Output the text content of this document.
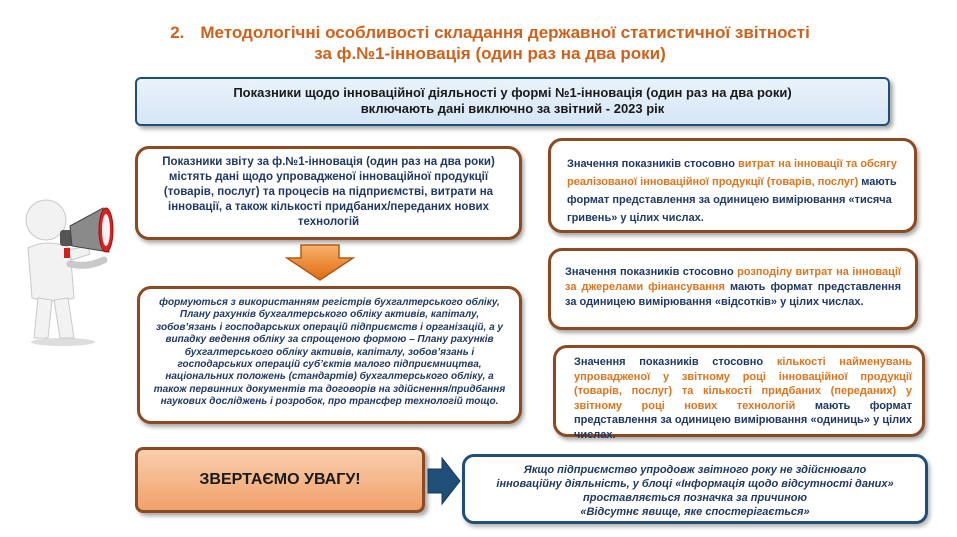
2. Методологічні особливості складання державної статистичної звітності
за ф.№1-інновація (один раз на два роки)
Показники щодо інноваційної діяльності у формі №1-інновація (один раз на два роки)
включають дані виключно за звітний - 2023 рік
Показники звіту за ф.№1-інновація (один раз на два роки) містять дані щодо упровадженої інноваційної продукції (товарів, послуг) та процесів на підприємстві, витрати на інновації, а також кількості придбаних/переданих нових технологій
формуються з використанням регістрів бухгалтерського обліку, Плану рахунків бухгалтерського обліку активів, капіталу, зобов’язань і господарських операцій підприємств і організацій, а у випадку ведення обліку за спрощеною формою – Плану рахунків бухгалтерського обліку активів, капіталу, зобов’язань і господарських операцій суб’єктів малого підприємництва, національних положень (стандартів) бухгалтерського обліку, а також первинних документів та договорів на здійснення/придбання наукових досліджень і розробок, про трансфер технологій тощо.
Значення показників стосовно витрат на інновації та обсягу реалізованої інноваційної продукції (товарів, послуг) мають формат представлення за одиницею вимірювання «тисяча гривень» у цілих числах.
Значення показників стосовно розподілу витрат на інновації за джерелами фінансування мають формат представлення за одиницею вимірювання «відсотків» у цілих числах.
Значення показників стосовно кількості найменувань упровадженої у звітному році інноваційної продукції (товарів, послуг) та кількості придбаних (переданих) у звітному році нових технологій мають формат представлення за одиницею вимірювання «одиниць» у цілих числах.
ЗВЕРТАЄМО УВАГУ!
Якщо підприємство упродовж звітного року не здійснювало
інноваційну діяльність, у блоці «Інформація щодо відсутності даних»
проставляється позначка за причиною
«Відсутнє явище, яке спостерігається»
